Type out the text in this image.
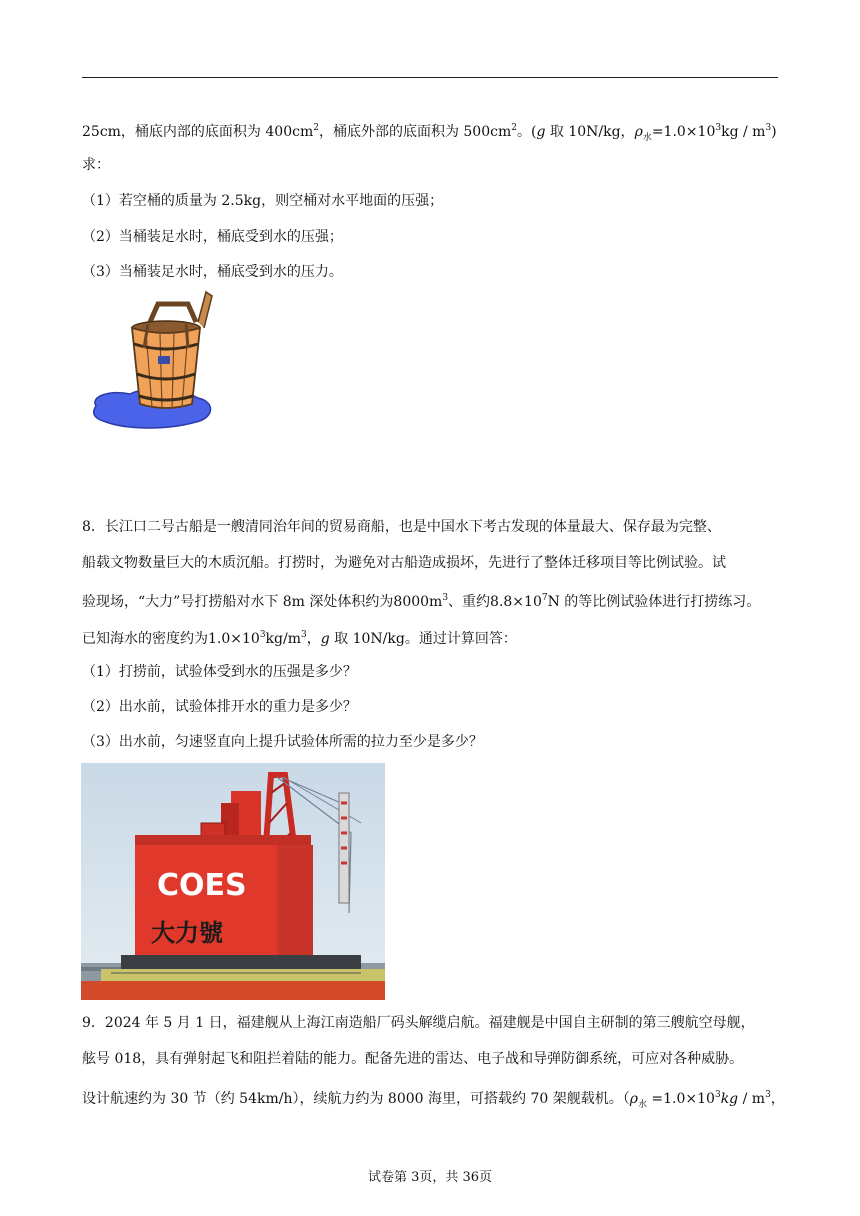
25cm，桶底内部的底面积为 $400cm^2$，桶底外部的底面积为 $500cm^2$。(g 取 10N/kg，$\rho_水=1.0\times 10^3kg / m^3$)
求：
（1）若空桶的质量为 2.5kg，则空桶对水平地面的压强；
（2）当桶装足水时，桶底受到水的压强；
（3）当桶装足水时，桶底受到水的压力。
8．长江口二号古船是一艘清同治年间的贸易商船，也是中国水下考古发现的体量最大、保存最为完整、
船载文物数量巨大的木质沉船。打捞时，为避免对古船造成损坏，先进行了整体迁移项目等比例试验。试
验现场，“大力”号打捞船对水下 8m 深处体积约为$8000m^3$、重约$8.8\times 10^7N$ 的等比例试验体进行打捞练习。
已知海水的密度约为$1.0\times 10^3kg/m^3$，g 取 10N/kg。通过计算回答：
（1）打捞前，试验体受到水的压强是多少？
（2）出水前，试验体排开水的重力是多少？
（3）出水前，匀速竖直向上提升试验体所需的拉力至少是多少？
COES
大力號
9．2024 年 5 月 1 日，福建舰从上海江南造船厂码头解缆启航。福建舰是中国自主研制的第三艘航空母舰，
舷号 018，具有弹射起飞和阻拦着陆的能力。配备先进的雷达、电子战和导弹防御系统，可应对各种威胁。
设计航速约为 30 节（约 54km/h），续航力约为 8000 海里，可搭载约 70 架舰载机。（$\rho_水 =1.0\times 10^3kg / m^3$，
试卷第 3页，共 36页
